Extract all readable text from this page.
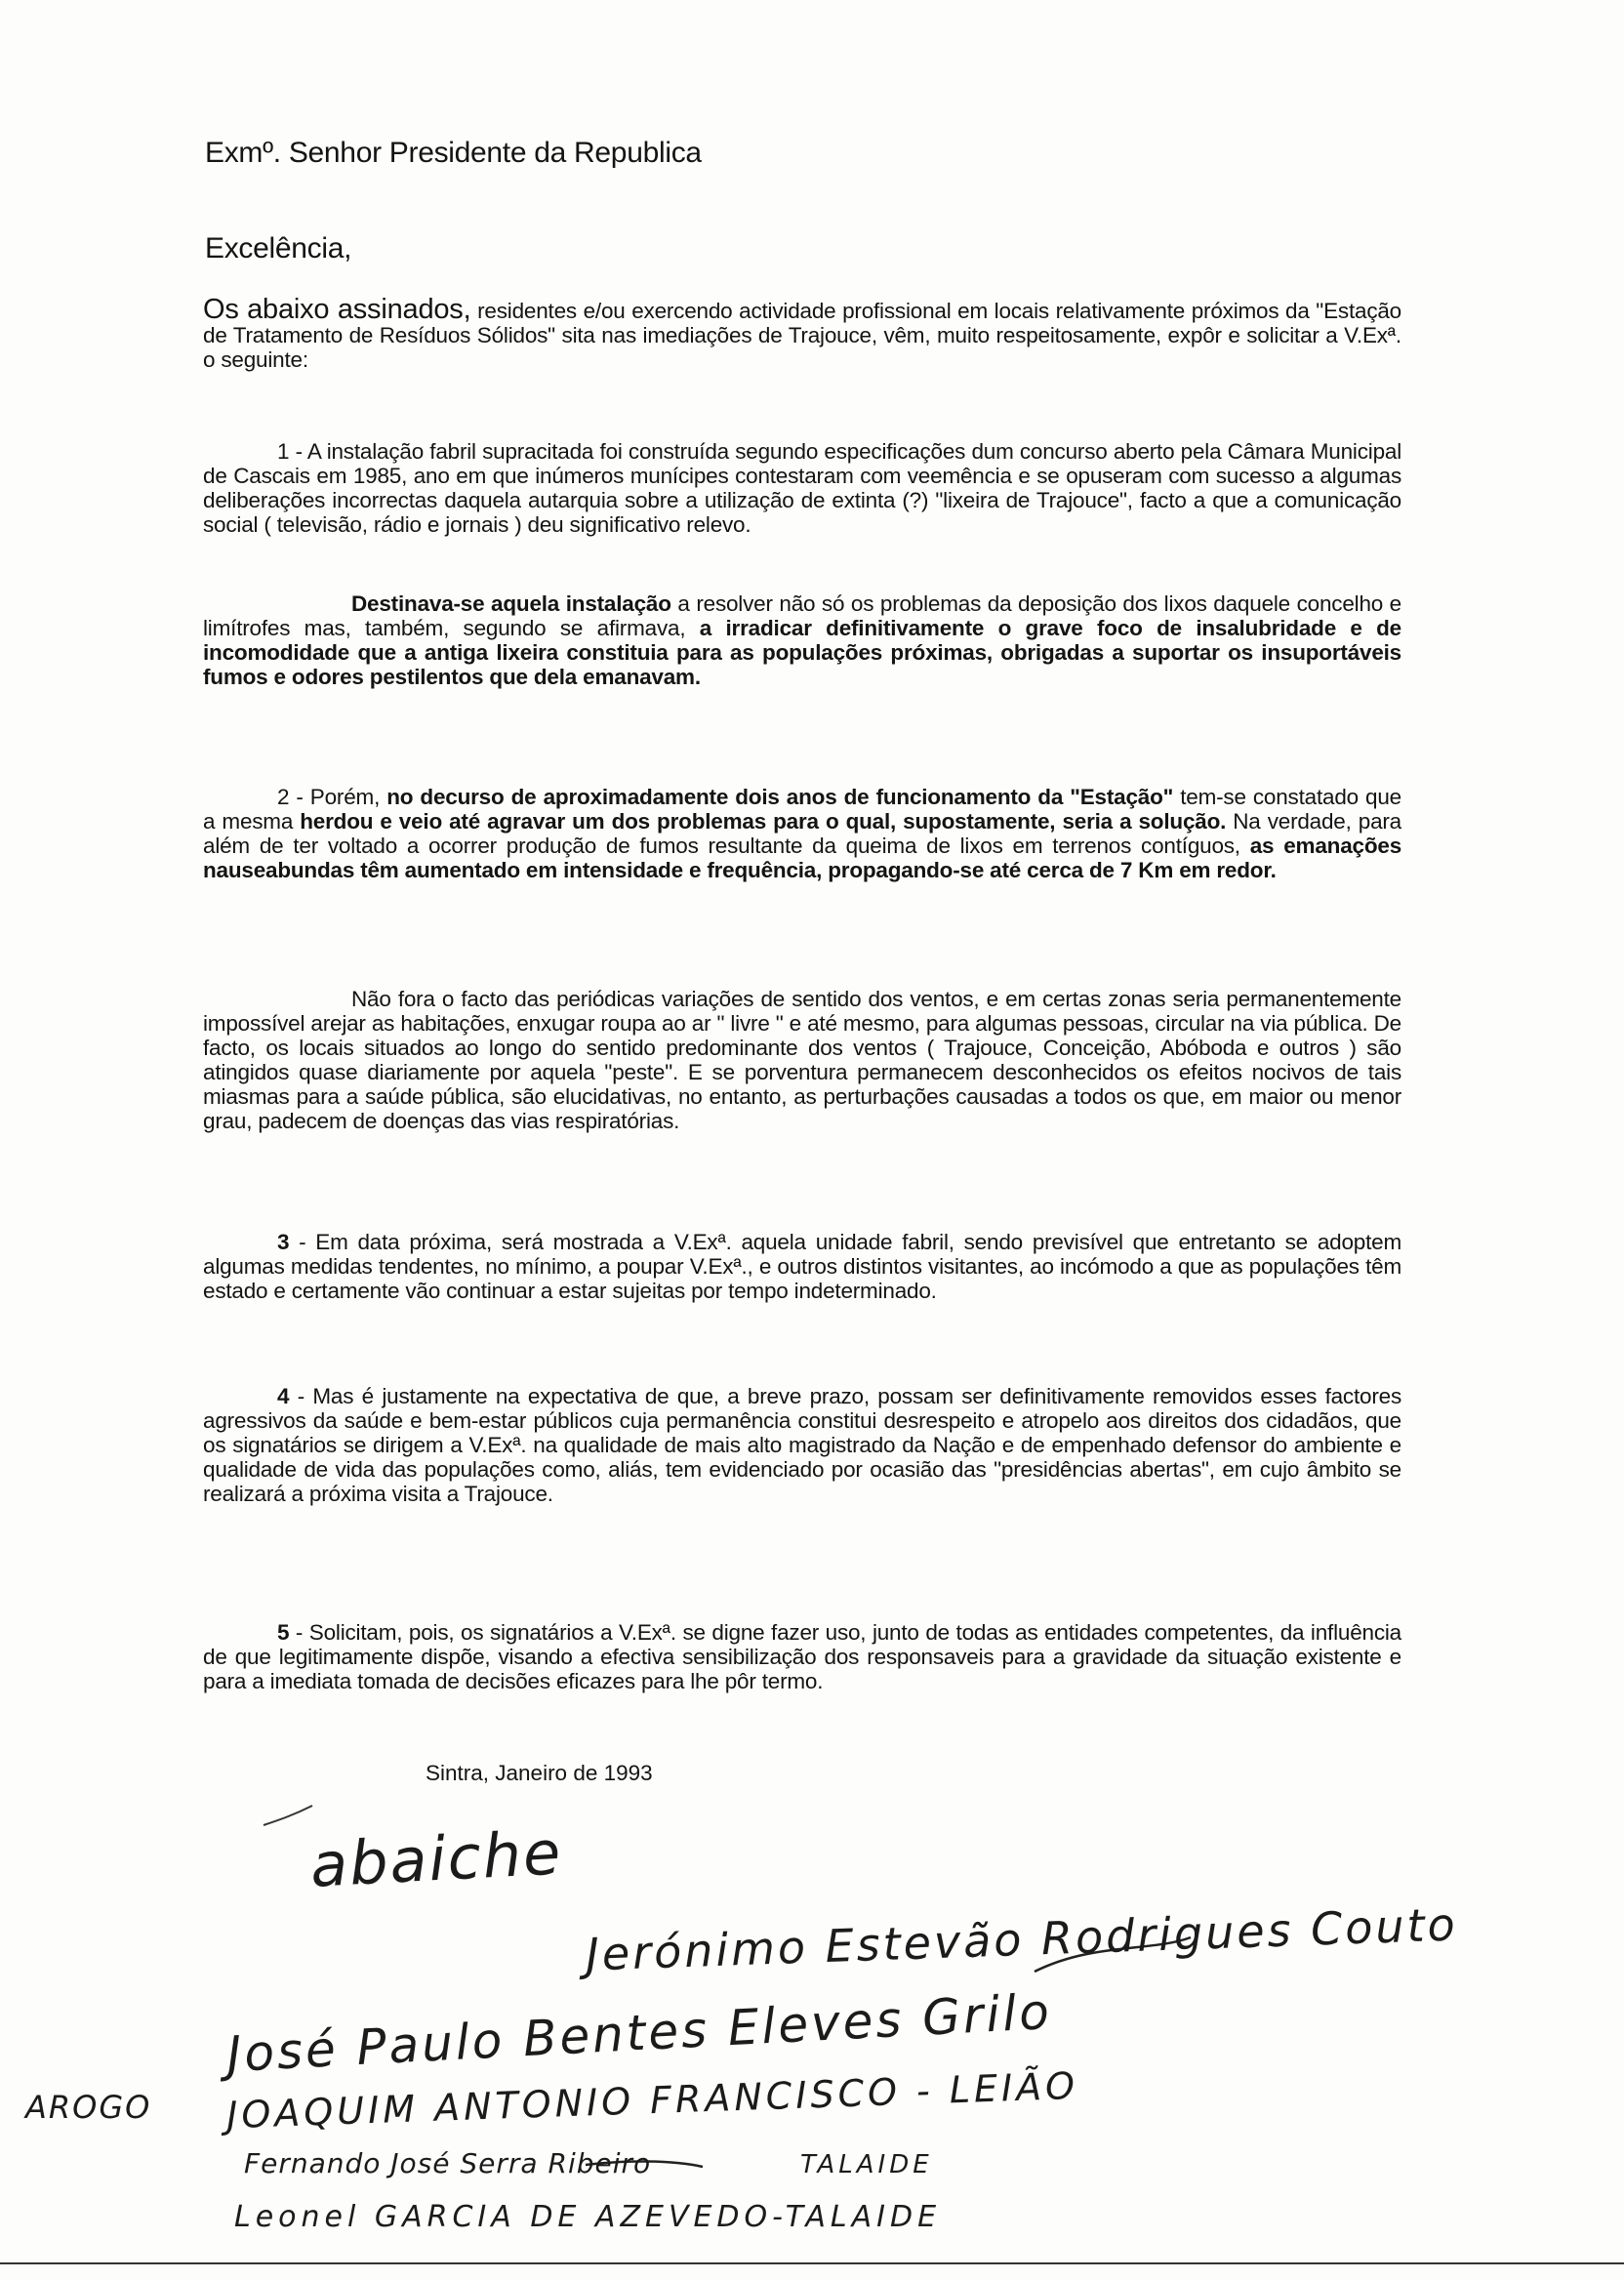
Exmº. Senhor Presidente da Republica
Excelência,

Os abaixo assinados, residentes e/ou exercendo actividade profissional em locais relativamente próximos da "Estação de Tratamento de Resíduos Sólidos" sita nas imediações de Trajouce, vêm, muito respeitosamente, expôr e solicitar a V.Exª. o seguinte:

1 - A instalação fabril supracitada foi construída segundo especificações dum concurso aberto pela Câmara Municipal de Cascais em 1985, ano em que inúmeros munícipes contestaram com veemência e se opuseram com sucesso a algumas deliberações incorrectas daquela autarquia sobre a utilização de extinta (?) "lixeira de Trajouce", facto a que a comunicação social ( televisão, rádio e jornais ) deu significativo relevo.

Destinava-se aquela instalação a resolver não só os problemas da deposição dos lixos daquele concelho e limítrofes mas, também, segundo se afirmava, a irradicar definitivamente o grave foco de insalubridade e de incomodidade que a antiga lixeira constituia para as populações próximas, obrigadas a suportar os insuportáveis fumos e odores pestilentos que dela emanavam.

2 - Porém, no decurso de aproximadamente dois anos de funcionamento da "Estação" tem-se constatado que a mesma herdou e veio até agravar um dos problemas para o qual, supostamente, seria a solução. Na verdade, para além de ter voltado a ocorrer produção de fumos resultante da queima de lixos em terrenos contíguos, as emanações nauseabundas têm aumentado em intensidade e frequência, propagando-se até cerca de 7 Km em redor.

Não fora o facto das periódicas variações de sentido dos ventos, e em certas zonas seria permanentemente impossível arejar as habitações, enxugar roupa ao ar " livre " e até mesmo, para algumas pessoas, circular na via pública. De facto, os locais situados ao longo do sentido predominante dos ventos ( Trajouce, Conceição, Abóboda e outros ) são atingidos quase diariamente por aquela "peste". E se porventura permanecem desconhecidos os efeitos nocivos de tais miasmas para a saúde pública, são elucidativas, no entanto, as perturbações causadas a todos os que, em maior ou menor grau, padecem de doenças das vias respiratórias.

3 - Em data próxima, será mostrada a V.Exª. aquela unidade fabril, sendo previsível que entretanto se adoptem algumas medidas tendentes, no mínimo, a poupar V.Exª., e outros distintos visitantes, ao incómodo a que as populações têm estado e certamente vão continuar a estar sujeitas por tempo indeterminado.

4 - Mas é justamente na expectativa de que, a breve prazo, possam ser definitivamente removidos esses factores agressivos da saúde e bem-estar públicos cuja permanência constitui desrespeito e atropelo aos direitos dos cidadãos, que os signatários se dirigem a V.Exª. na qualidade de mais alto magistrado da Nação e de empenhado defensor do ambiente e qualidade de vida das populações como, aliás, tem evidenciado por ocasião das "presidências abertas", em cujo âmbito se realizará a próxima visita a Trajouce.

5 - Solicitam, pois, os signatários a V.Exª. se digne fazer uso, junto de todas as entidades competentes, da influência de que legitimamente dispõe, visando a efectiva sensibilização dos responsaveis para a gravidade da situação existente e para a imediata tomada de decisões eficazes para lhe pôr termo.

Sintra, Janeiro de 1993
abaiche
Jerónimo Estevão Rodrigues Couto
José Paulo Bentes Eleves Grilo
AROGO JOAQUIM ANTONIO FRANCISCO - LEIÃO
Fernando José Serra Ribeiro	TALAIDE
Leonel GARCIA DE AZEVEDO-TALAIDE
